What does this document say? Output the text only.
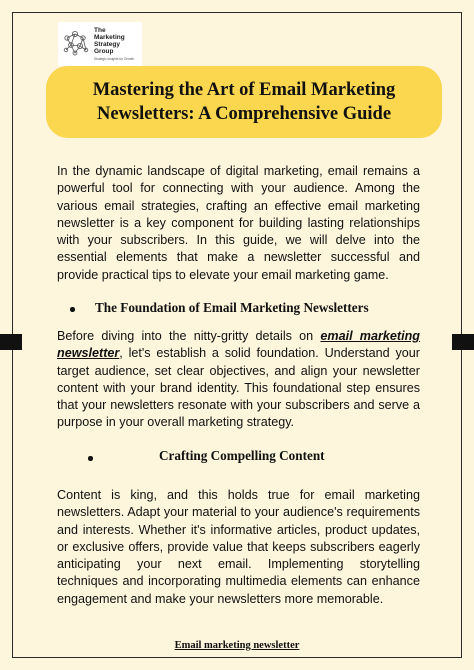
The
Marketing
Strategy
Group
Strategic Insights for Growth
Mastering the Art of Email Marketing
Newsletters: A Comprehensive Guide

In the dynamic landscape of digital marketing, email remains a powerful tool for connecting with your audience. Among the various email strategies, crafting an effective email marketing newsletter is a key component for building lasting relationships with your subscribers. In this guide, we will delve into the essential elements that make a newsletter successful and provide practical tips to elevate your email marketing game.

The Foundation of Email Marketing Newsletters

Before diving into the nitty-gritty details on email marketing newsletter, let's establish a solid foundation. Understand your target audience, set clear objectives, and align your newsletter content with your brand identity. This foundational step ensures that your newsletters resonate with your subscribers and serve a purpose in your overall marketing strategy.

Crafting Compelling Content

Content is king, and this holds true for email marketing newsletters. Adapt your material to your audience's requirements and interests. Whether it's informative articles, product updates, or exclusive offers, provide value that keeps subscribers eagerly anticipating your next email. Implementing storytelling techniques and incorporating multimedia elements can enhance engagement and make your newsletters more memorable.

Email marketing newsletter
